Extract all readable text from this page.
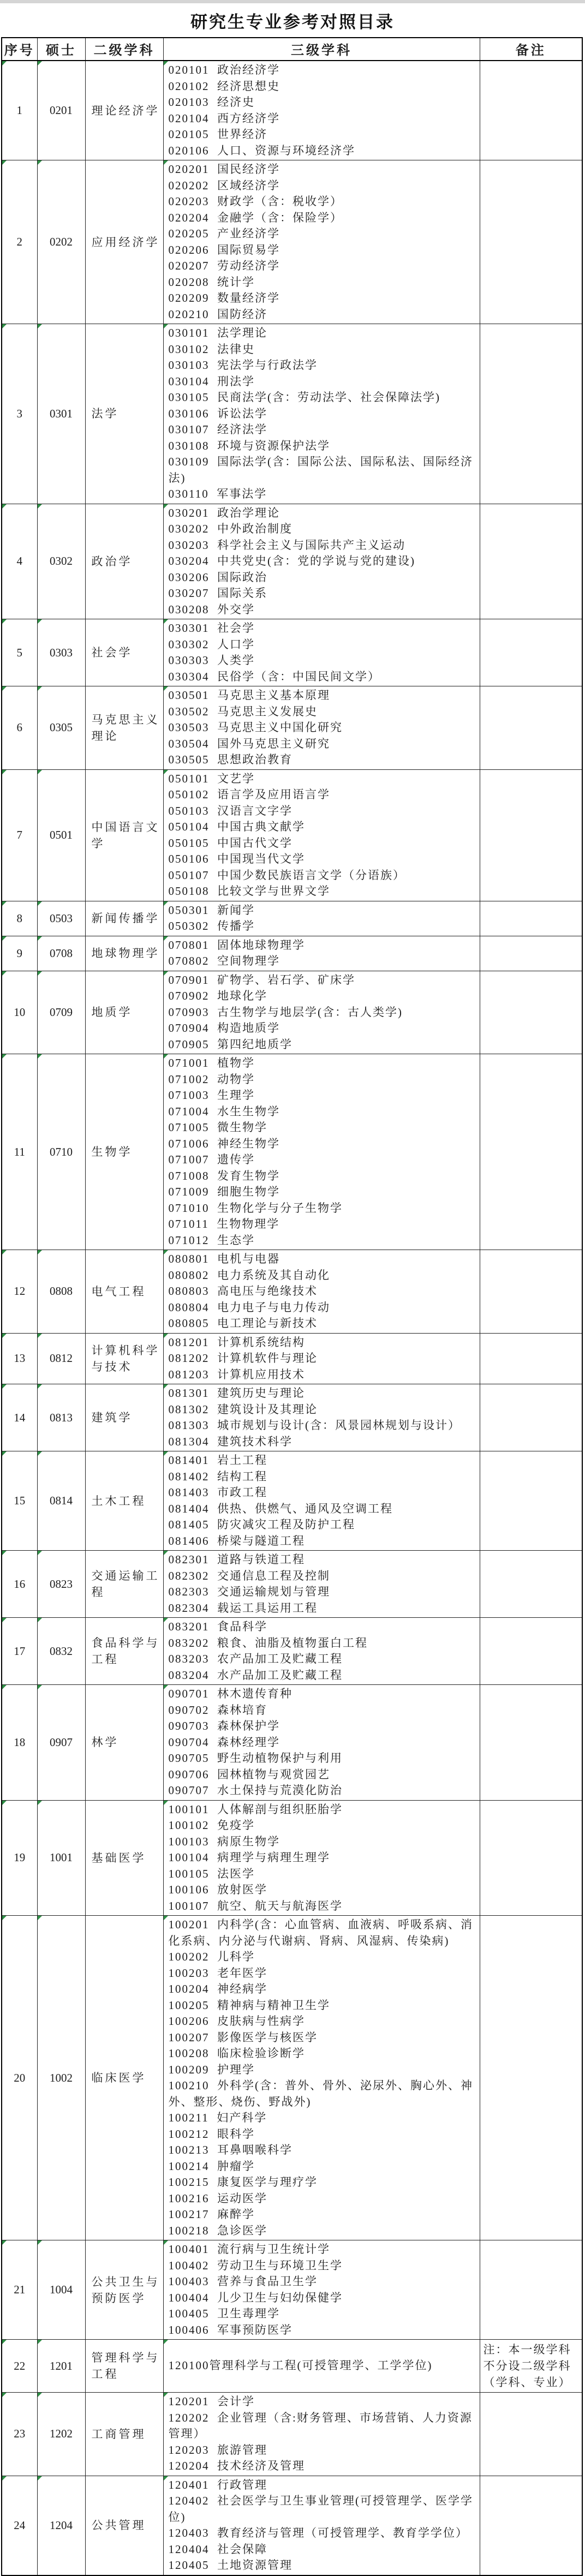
研究生专业参考对照目录
序号	硕士	二级学科	三级学科	备注

1	0201	理论经济学	
020101  政治经济学
020102  经济思想史
020103  经济史
020104  西方经济学
020105  世界经济
020106  人口、资源与环境经济学

2	0202	应用经济学	
020201  国民经济学
020202  区域经济学
020203  财政学（含：税收学）
020204  金融学（含：保险学）
020205  产业经济学
020206  国际贸易学
020207  劳动经济学
020208  统计学
020209  数量经济学
020210  国防经济

3	0301	法学	
030101  法学理论
030102  法律史
030103  宪法学与行政法学
030104  刑法学
030105  民商法学(含：劳动法学、社会保障法学)
030106  诉讼法学
030107  经济法学
030108  环境与资源保护法学
030109  国际法学(含：国际公法、国际私法、国际经济法)
030110  军事法学

4	0302	政治学	
030201  政治学理论
030202  中外政治制度
030203  科学社会主义与国际共产主义运动
030204  中共党史(含：党的学说与党的建设)
030206  国际政治
030207  国际关系
030208  外交学

5	0303	社会学	030301  社会学
030302  人口学
030303  人类学
030304  民俗学（含：中国民间文学）	

6	0305	马克思主义理论	030501  马克思主义基本原理
030502  马克思主义发展史
030503  马克思主义中国化研究
030504  国外马克思主义研究
030505  思想政治教育	

7	0501	中国语言文学	
050101  文艺学
050102  语言学及应用语言学
050103  汉语言文字学
050104  中国古典文献学
050105  中国古代文学
050106  中国现当代文学
050107  中国少数民族语言文学（分语族）
050108  比较文学与世界文学

8	0503	新闻传播学	050301  新闻学
050302  传播学	

9	0708	地球物理学	070801  固体地球物理学
070802  空间物理学	

10	0709	地质学	070901  矿物学、岩石学、矿床学
070902  地球化学
070903  古生物学与地层学(含：古人类学)
070904  构造地质学
070905  第四纪地质学	

11	0710	生物学	
071001  植物学
071002  动物学
071003  生理学
071004  水生生物学
071005  微生物学
071006  神经生物学
071007  遗传学
071008  发育生物学
071009  细胞生物学
071010  生物化学与分子生物学
071011  生物物理学
071012  生态学

12	0808	电气工程	080801  电机与电器
080802  电力系统及其自动化
080803  高电压与绝缘技术
080804  电力电子与电力传动
080805  电工理论与新技术	

13	0812	计算机科学与技术	081201  计算机系统结构
081202  计算机软件与理论
081203  计算机应用技术	

14	0813	建筑学	081301  建筑历史与理论
081302  建筑设计及其理论
081303  城市规划与设计(含：风景园林规划与设计）
081304  建筑技术科学	

15	0814	土木工程	
081401  岩土工程
081402  结构工程
081403  市政工程
081404  供热、供燃气、通风及空调工程
081405  防灾减灾工程及防护工程
081406  桥梁与隧道工程

16	0823	交通运输工程	082301  道路与铁道工程
082302  交通信息工程及控制
082303  交通运输规划与管理
082304  载运工具运用工程	

17	0832	食品科学与工程	083201  食品科学
083202  粮食、油脂及植物蛋白工程
083203  农产品加工及贮藏工程
083204  水产品加工及贮藏工程	

18	0907	林学	
090701  林木遗传育种
090702  森林培育
090703  森林保护学
090704  森林经理学
090705  野生动植物保护与利用
090706  园林植物与观赏园艺
090707  水土保持与荒漠化防治

19	1001	基础医学	
100101  人体解剖与组织胚胎学
100102  免疫学
100103  病原生物学
100104  病理学与病理生理学
100105  法医学
100106  放射医学
100107  航空、航天与航海医学

20	1002	临床医学	
100201  内科学(含：心血管病、血液病、呼吸系病、消化系病、内分泌与代谢病、肾病、风湿病、传染病)
100202  儿科学
100203  老年医学
100204  神经病学
100205  精神病与精神卫生学
100206  皮肤病与性病学
100207  影像医学与核医学
100208  临床检验诊断学
100209  护理学
100210  外科学(含：普外、骨外、泌尿外、胸心外、神外、整形、烧伤、野战外)
100211  妇产科学
100212  眼科学
100213  耳鼻咽喉科学
100214  肿瘤学
100215  康复医学与理疗学
100216  运动医学
100217  麻醉学
100218  急诊医学

21	1004	公共卫生与预防医学	
100401  流行病与卫生统计学
100402  劳动卫生与环境卫生学
100403  营养与食品卫生学
100404  儿少卫生与妇幼保健学
100405  卫生毒理学
100406  军事预防医学

22	1201	管理科学与工程	120100管理科学与工程(可授管理学、工学学位)	注：本一级学科不分设二级学科（学科、专业）

23	1202	工商管理	120201  会计学
120202  企业管理（含:财务管理、市场营销、人力资源管理）
120203  旅游管理
120204  技术经济及管理	

24	1204	公共管理	120401  行政管理
120402  社会医学与卫生事业管理(可授管理学、医学学位)
120403  教育经济与管理（可授管理学、教育学学位）
120404  社会保障
120405  土地资源管理	
